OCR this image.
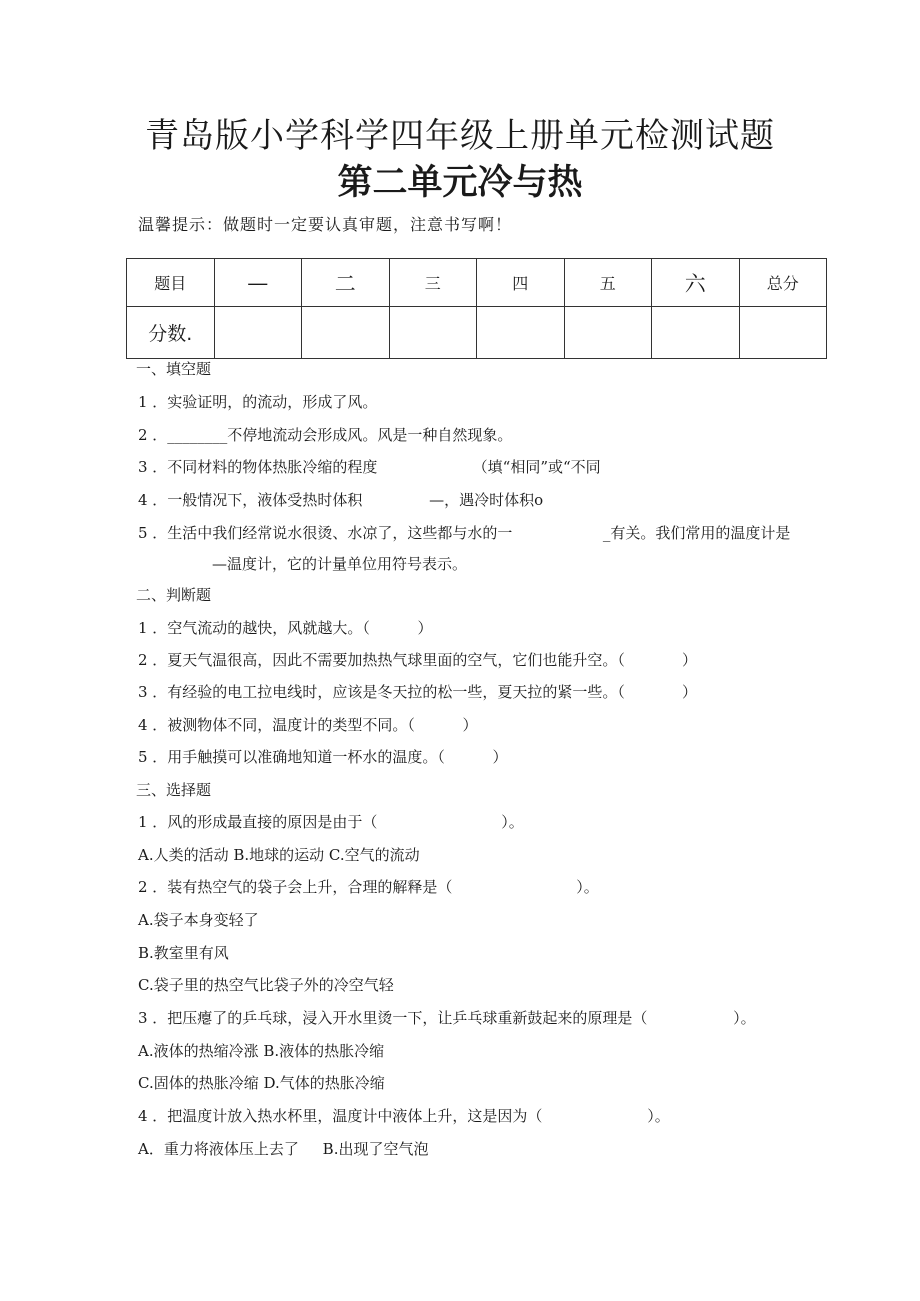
青岛版小学科学四年级上册单元检测试题
第二单元冷与热
温馨提示：做题时一定要认真审题，注意书写啊！
题目	—	二	三	四	五	六	总分
分数.							
一、填空题
1 ．实验证明，的流动，形成了风。
2 ．________不停地流动会形成风。风是一种自然现象。
3 ．不同材料的物体热胀冷缩的程度                    （填“相同”或“不同
4 ．一般情况下，液体受热时体积              —，遇冷时体积o
5 ．生活中我们经常说水很烫、水凉了，这些都与水的一                   _有关。我们常用的温度计是
—温度计，它的计量单位用符号表示。
二、判断题
1 ．空气流动的越快，风就越大。（          ）
2 ．夏天气温很高，因此不需要加热热气球里面的空气，它们也能升空。（            ）
3 ．有经验的电工拉电线时，应该是冬天拉的松一些，夏天拉的紧一些。（            ）
4 ．被测物体不同，温度计的类型不同。（          ）
5 ．用手触摸可以准确地知道一杯水的温度。（          ）
三、选择题
1 ．风的形成最直接的原因是由于（                          ）。
A.人类的活动 B.地球的运动 C.空气的流动
2 ．装有热空气的袋子会上升，合理的解释是（                          ）。
A.袋子本身变轻了
B.教室里有风
C.袋子里的热空气比袋子外的冷空气轻
3 ．把压瘪了的乒乓球，浸入开水里烫一下，让乒乓球重新鼓起来的原理是（                  ）。
A.液体的热缩冷涨 B.液体的热胀冷缩
C.固体的热胀冷缩 D.气体的热胀冷缩
4 ．把温度计放入热水杯里，温度计中液体上升，这是因为（                      ）。
A．重力将液体压上去了     B.出现了空气泡
